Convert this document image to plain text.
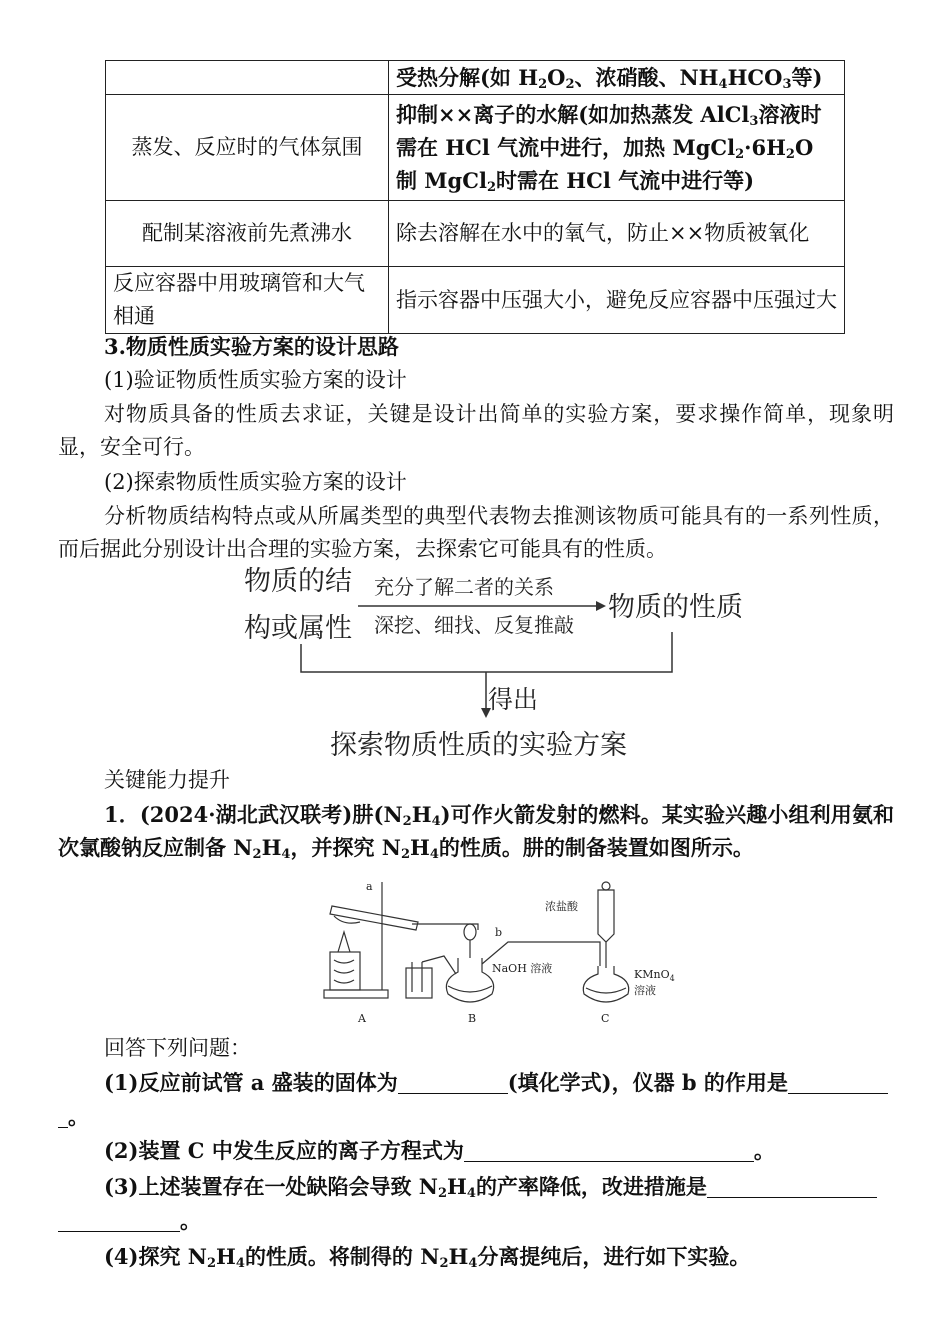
	受热分解(如 $H_2O_2$、浓硝酸、$NH_4HCO_3$等)
蒸发、反应时的气体氛围	抑制××离子的水解(如加热蒸发 AlCl$_3$溶液时需在 HCl 气流中进行，加热 $MgCl_2\cdot 6H_2O$ 制 MgCl$_2$时需在 HCl 气流中进行等)
配制某溶液前先煮沸水	除去溶解在水中的氧气，防止××物质被氧化
反应容器中用玻璃管和大气相通	指示容器中压强大小，避免反应容器中压强过大
3.物质性质实验方案的设计思路
(1)验证物质性质实验方案的设计
对物质具备的性质去求证，关键是设计出简单的实验方案，要求操作简单，现象明显，安全可行。
(2)探索物质性质实验方案的设计
分析物质结构特点或从所属类型的典型代表物去推测该物质可能具有的一系列性质，而后据此分别设计出合理的实验方案，去探索它可能具有的性质。
物质的结
构或属性
充分了解二者的关系
深挖、细找、反复推敲
物质的性质
得出
探索物质性质的实验方案
关键能力提升
1．(2024·湖北武汉联考)肼$(N_2H_4)$可作火箭发射的燃料。某实验兴趣小组利用氨和次氯酸钠反应制备 $N_2H_4$，并探究 $N_2H_4$的性质。肼的制备装置如图所示。
a
b
浓盐酸
NaOH 溶液	KMnO$_4$
溶液
A	B	C
回答下列问题：
(1)反应前试管 a 盛装的固体为	(填化学式)，仪器 b 的作用是
。
(2)装置 C 中发生反应的离子方程式为	。
(3)上述装置存在一处缺陷会导致 $N_2H_4$的产率降低，改进措施是
。
(4)探究 $N_2H_4$的性质。将制得的 $N_2H_4$分离提纯后，进行如下实验。
